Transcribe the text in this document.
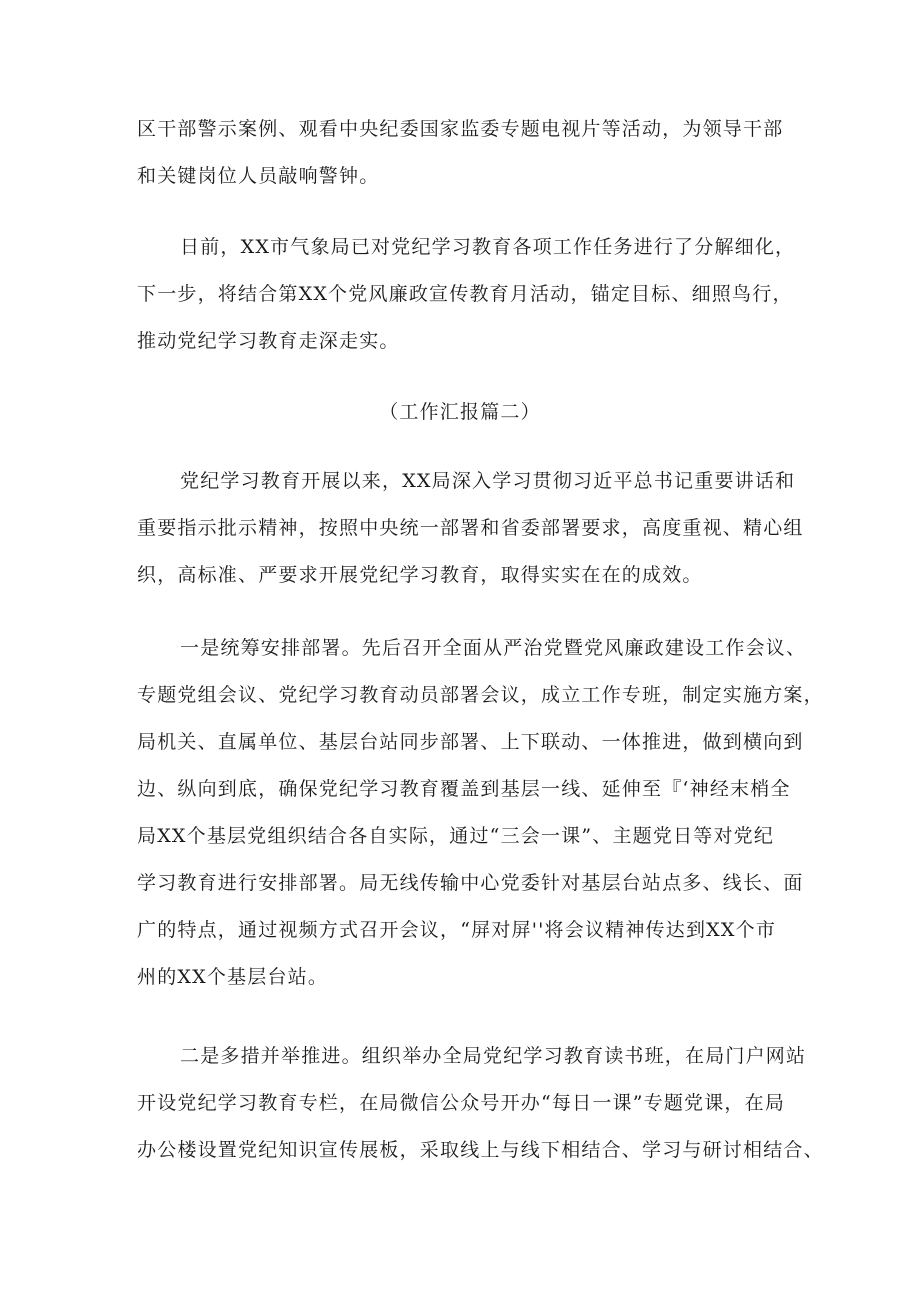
区干部警示案例、观看中央纪委国家监委专题电视片等活动，为领导干部
和关键岗位人员敲响警钟。
日前，XX市气象局已对党纪学习教育各项工作任务进行了分解细化，
下一步，将结合第XX个党风廉政宣传教育月活动，锚定目标、细照鸟行，
推动党纪学习教育走深走实。
（工作汇报篇二）
党纪学习教育开展以来，XX局深入学习贯彻习近平总书记重要讲话和
重要指示批示精神，按照中央统一部署和省委部署要求，高度重视、精心组
织，高标准、严要求开展党纪学习教育，取得实实在在的成效。
一是统筹安排部署。先后召开全面从严治党暨党风廉政建设工作会议、
专题党组会议、党纪学习教育动员部署会议，成立工作专班，制定实施方案，
局机关、直属单位、基层台站同步部署、上下联动、一体推进，做到横向到
边、纵向到底，确保党纪学习教育覆盖到基层一线、延伸至『‘神经末梢全
局XX个基层党组织结合各自实际，通过“三会一课”、主题党日等对党纪
学习教育进行安排部署。局无线传输中心党委针对基层台站点多、线长、面
广的特点，通过视频方式召开会议，“屏对屏''将会议精神传达到XX个市
州的XX个基层台站。
二是多措并举推进。组织举办全局党纪学习教育读书班，在局门户网站
开设党纪学习教育专栏，在局微信公众号开办“每日一课”专题党课，在局
办公楼设置党纪知识宣传展板，采取线上与线下相结合、学习与研讨相结合、
